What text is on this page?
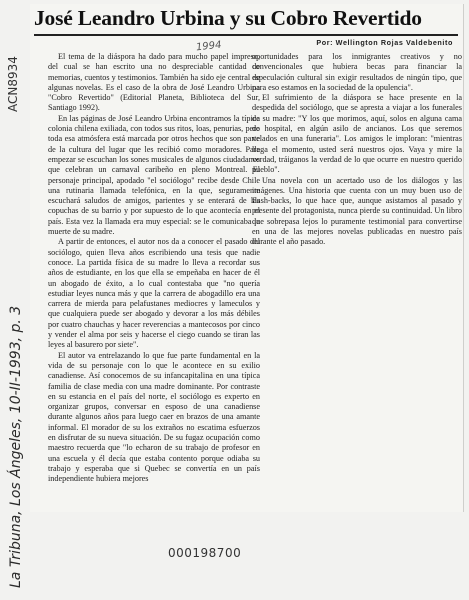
José Leandro Urbina y su Cobro Revertido
Por: Wellington Rojas Valdebenito
1994

El tema de la diáspora ha dado para mucho papel impreso, del cual se han escrito una no despreciable cantidad de memorias, cuentos y testimonios. También ha sido eje central de algunas novelas. Es el caso de la obra de José Leandro Urbina "Cobro Revertido" (Editorial Planeta, Biblioteca del Sur, Santiago 1992).

En las páginas de José Leandro Urbina encontramos la típica colonia chilena exiliada, con todos sus ritos, loas, penurias, pero toda esa atmósfera está marcada por otros hechos que son parte de la cultura del lugar que les recibió como moradores. Para empezar se escuchan los sones musicales de algunos ciudadanos que celebran un carnaval caribeño en pleno Montreal. El personaje principal, apodado "el sociólogo" recibe desde Chile una rutinaria llamada telefónica, en la que, seguramente escuchará saludos de amigos, parientes y se enterará de las copuchas de su barrio y por supuesto de lo que acontecía en el país. Esta vez la llamada era muy especial: se le comunicaba la muerte de su madre.

A partir de entonces, el autor nos da a conocer el pasado del sociólogo, quien lleva años escribiendo una tesis que nadie conoce. La partida física de su madre lo lleva a recordar sus años de estudiante, en los que ella se empeñaba en hacer de él un abogado de éxito, a lo cual contestaba que "no quería estudiar leyes nunca más y que la carrera de abogadillo era una carrera de mierda para pelafustanes mediocres y lameculos y que cualquiera puede ser abogado y devorar a los más débiles por cuatro chauchas y hacer reverencias a mantecosos por cinco y vender el alma por seis y hacerse el ciego cuando se tiran las leyes al basurero por siete".

El autor va entrelazando lo que fue parte fundamental en la vida de su personaje con lo que le acontece en su exilio canadiense. Así conocemos de su infancapitalina en una típica familia de clase media con una madre dominante. Por contraste en su estancia en el país del norte, el sociólogo es experto en organizar grupos, conversar en esposo de una canadiense durante algunos años para luego caer en brazos de una amante informal. El morador de su los extraños no escatima esfuerzos en disfrutar de su nueva situación. De su fugaz ocupación como maestro recuerda que "lo echaron de su trabajo de profesor en una escuela y él decía que estaba contento porque odiaba su trabajo y esperaba que si Quebec se convertía en un país independiente hubiera mejores

oportunidades para los inmigrantes creativos y no convencionales que hubiera becas para financiar la especulación cultural sin exigir resultados de ningún tipo, que para eso estamos en la sociedad de la opulencia".

El sufrimiento de la diáspora se hace presente en la despedida del sociólogo, que se apresta a viajar a los funerales de su madre: "Y los que morimos, aquí, solos en alguna cama de hospital, en algún asilo de ancianos. Los que seremos velados en una funeraria". Los amigos le imploran: "mientras llega el momento, usted será nuestros ojos. Vaya y mire la verdad, tráiganos la verdad de lo que ocurre en nuestro querido pueblo".

Una novela con un acertado uso de los diálogos y las imágenes. Una historia que cuenta con un muy buen uso de flash-backs, lo que hace que, aunque asistamos al pasado y presente del protagonista, nunca pierde su continuidad. Un libro que sobrepasa lejos lo puramente testimonial para convertirse en una de las mejores novelas publicadas en nuestro país durante el año pasado.

ACN8934
La Tribuna, Los Ángeles, 10-II-1993, p. 3	000198700
